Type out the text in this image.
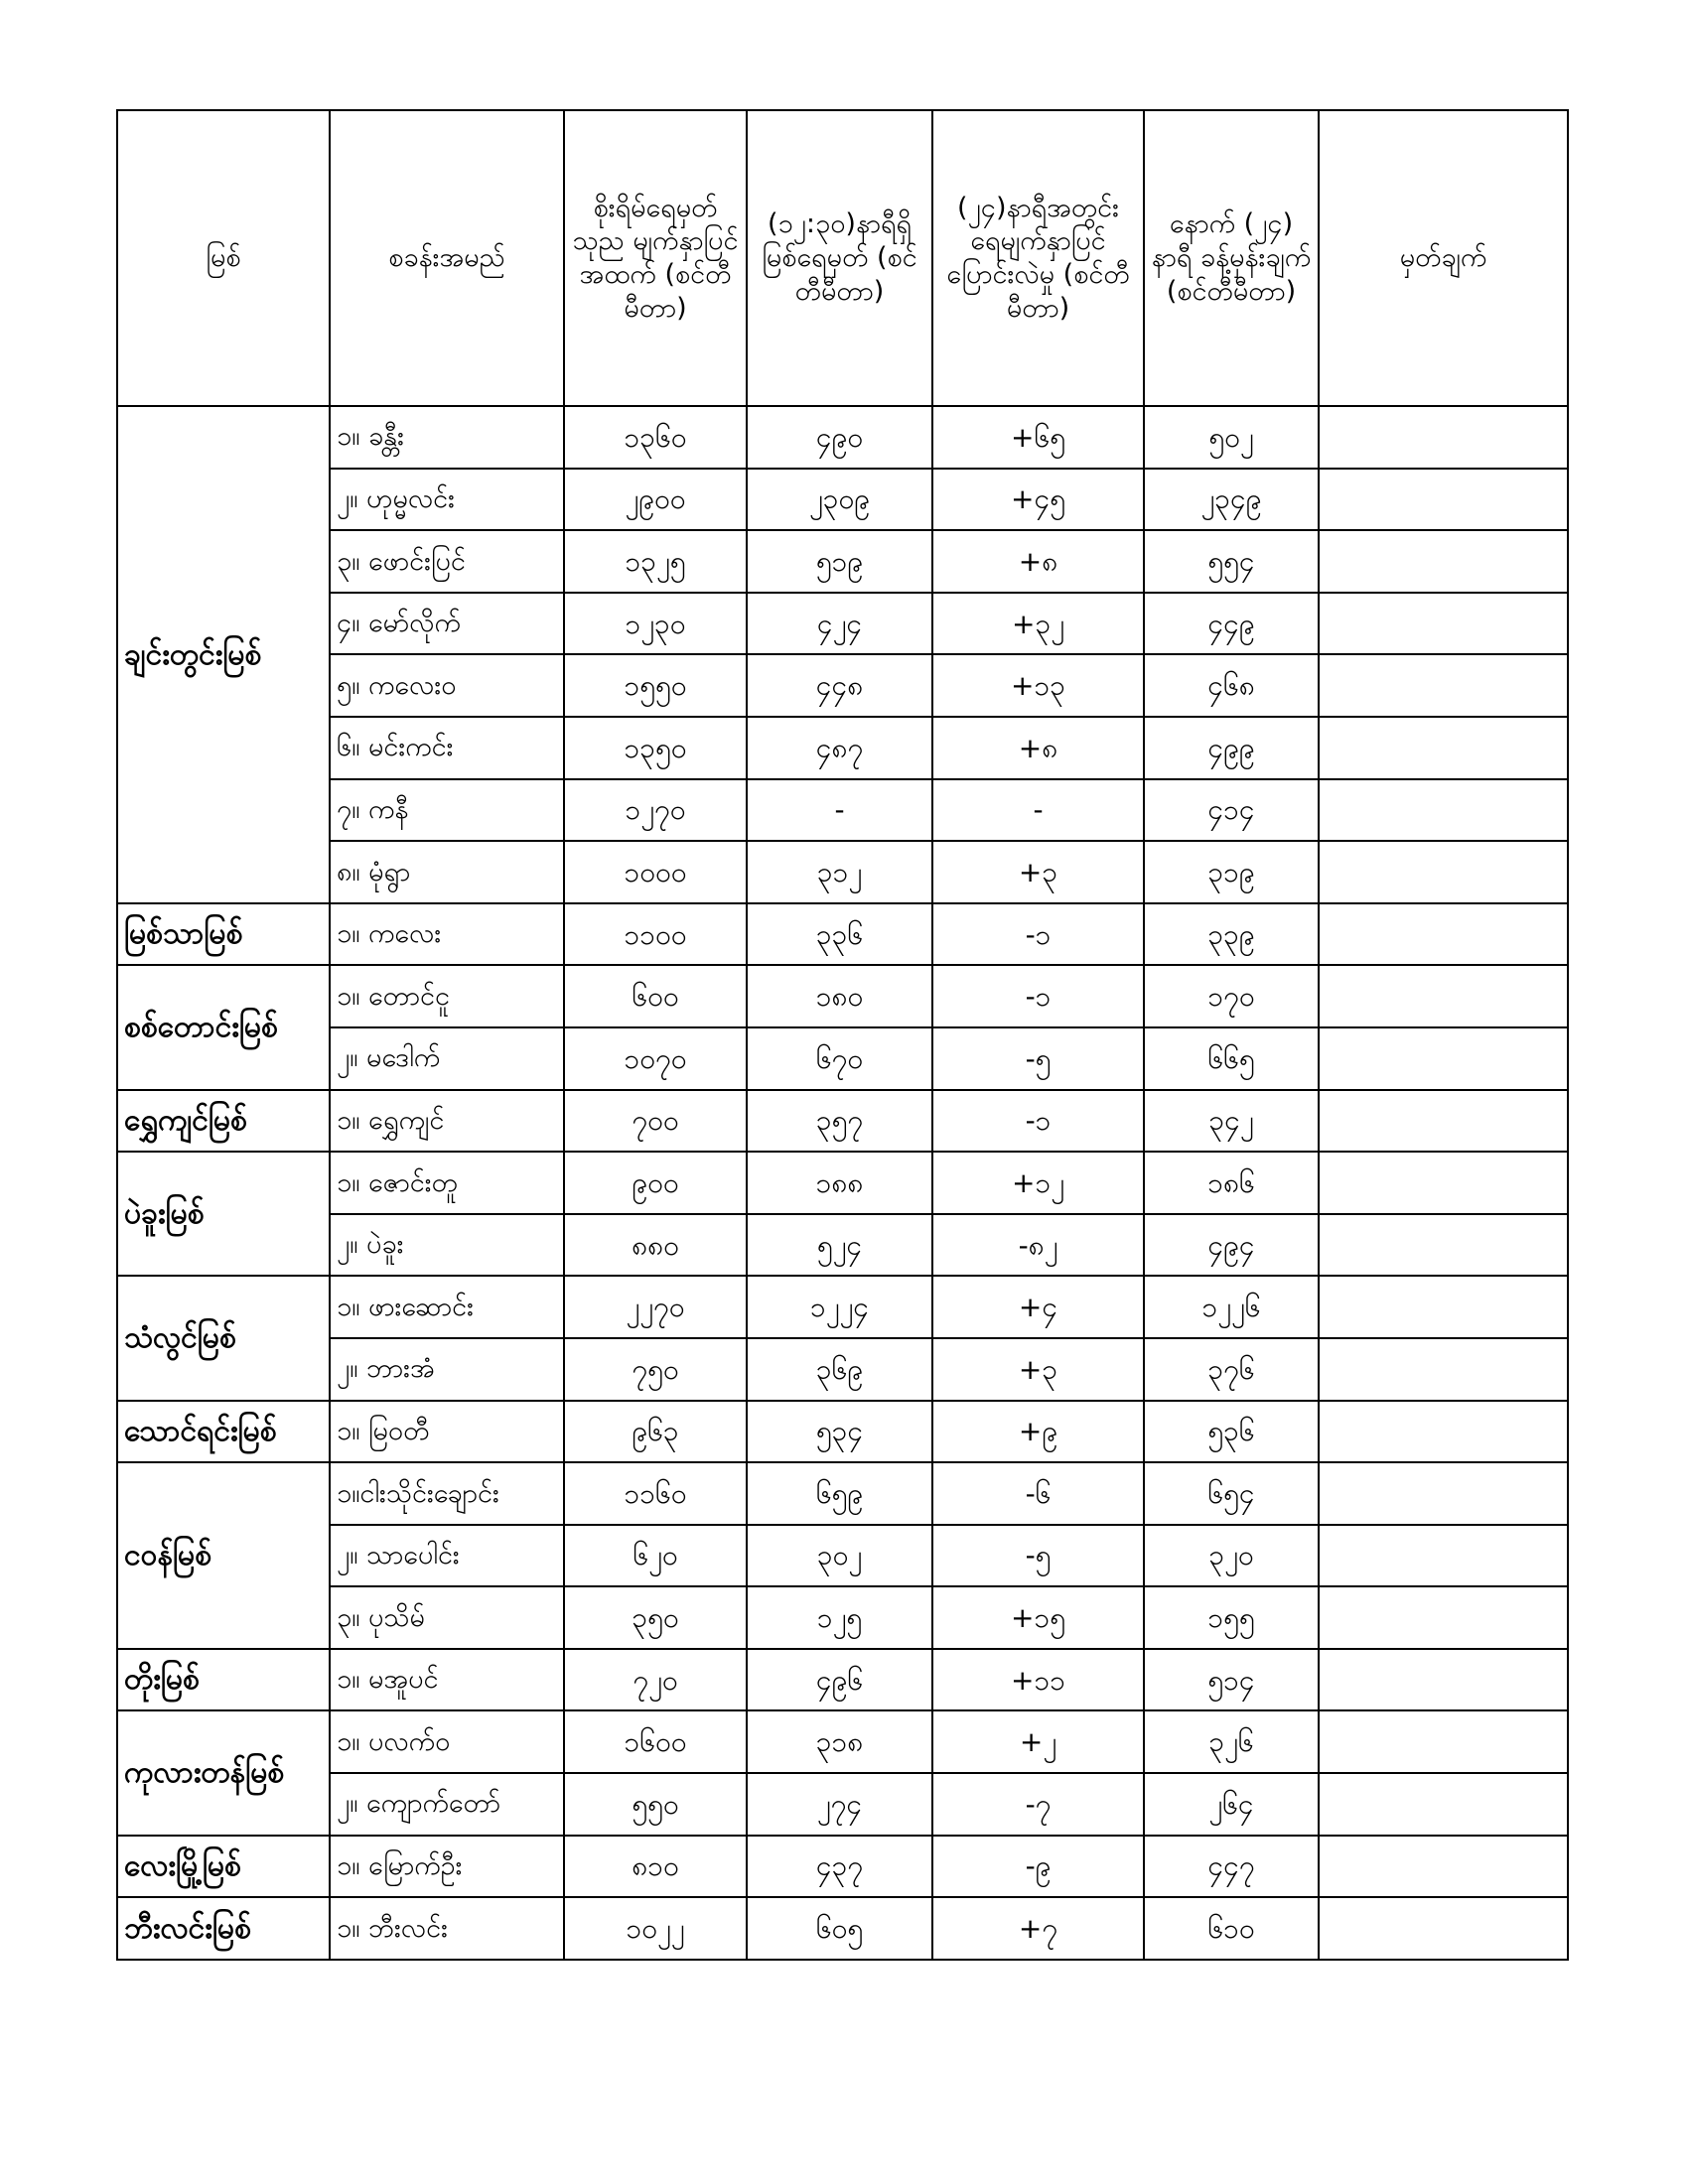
မြစ်	စခန်းအမည်	စိုးရိမ်ရေမှတ် သုည မျက်နှာပြင် အထက် (စင်တီမီတာ)	(၁၂:၃၀)နာရီရှိ မြစ်ရေမှတ် (စင်တီမီတာ)	(၂၄)နာရီအတွင်း ရေမျက်နှာပြင် ပြောင်းလဲမှု (စင်တီမီတာ)	နောက် (၂၄) နာရီ ခန့်မှန်းချက် (စင်တီမီတာ)	မှတ်ချက်
ချင်းတွင်းမြစ်	၁။ ခန္တီး	၁၃၆၀	၄၉၀	+၆၅	၅၀၂	
	၂။ ဟုမ္မလင်း	၂၉၀၀	၂၃၀၉	+၄၅	၂၃၄၉	
	၃။ ဖောင်းပြင်	၁၃၂၅	၅၁၉	+၈	၅၅၄	
	၄။ မော်လိုက်	၁၂၃၀	၄၂၄	+၃၂	၄၄၉	
	၅။ ကလေးဝ	၁၅၅၀	၄၄၈	+၁၃	၄၆၈	
	၆။ မင်းကင်း	၁၃၅၀	၄၈၇	+၈	၄၉၉	
	၇။ ကနီ	၁၂၇၀	-	-	၄၁၄	
	၈။ မုံရွာ	၁၀၀၀	၃၁၂	+၃	၃၁၉	
မြစ်သာမြစ်	၁။ ကလေး	၁၁၀၀	၃၃၆	-၁	၃၃၉	
စစ်တောင်းမြစ်	၁။ တောင်ငူ	၆၀၀	၁၈၀	-၁	၁၇၀	
	၂။ မဒေါက်	၁၀၇၀	၆၇၀	-၅	၆၆၅	
ရွှေကျင်မြစ်	၁။ ရွှေကျင်	၇၀၀	၃၅၇	-၁	၃၄၂	
ပဲခူးမြစ်	၁။ ဇောင်းတူ	၉၀၀	၁၈၈	+၁၂	၁၈၆	
	၂။ ပဲခူး	၈၈၀	၅၂၄	-၈၂	၄၉၄	
သံလွင်မြစ်	၁။ ဖားဆောင်း	၂၂၇၀	၁၂၂၄	+၄	၁၂၂၆	
	၂။ ဘားအံ	၇၅၀	၃၆၉	+၃	၃၇၆	
သောင်ရင်းမြစ်	၁။ မြဝတီ	၉၆၃	၅၃၄	+၉	၅၃၆	
ငဝန်မြစ်	၁။ငါးသိုင်းချောင်း	၁၁၆၀	၆၅၉	-၆	၆၅၄	
	၂။ သာပေါင်း	၆၂၀	၃၀၂	-၅	၃၂၀	
	၃။ ပုသိမ်	၃၅၀	၁၂၅	+၁၅	၁၅၅	
တိုးမြစ်	၁။ မအူပင်	၇၂၀	၄၉၆	+၁၁	၅၁၄	
ကုလားတန်မြစ်	၁။ ပလက်ဝ	၁၆၀၀	၃၁၈	+၂	၃၂၆	
	၂။ ကျောက်တော်	၅၅၀	၂၇၄	-၇	၂၆၄	
လေးမြို့မြစ်	၁။ မြောက်ဦး	၈၁၀	၄၃၇	-၉	၄၄၇	
ဘီးလင်းမြစ်	၁။ ဘီးလင်း	၁၀၂၂	၆၀၅	+၇	၆၁၀	
